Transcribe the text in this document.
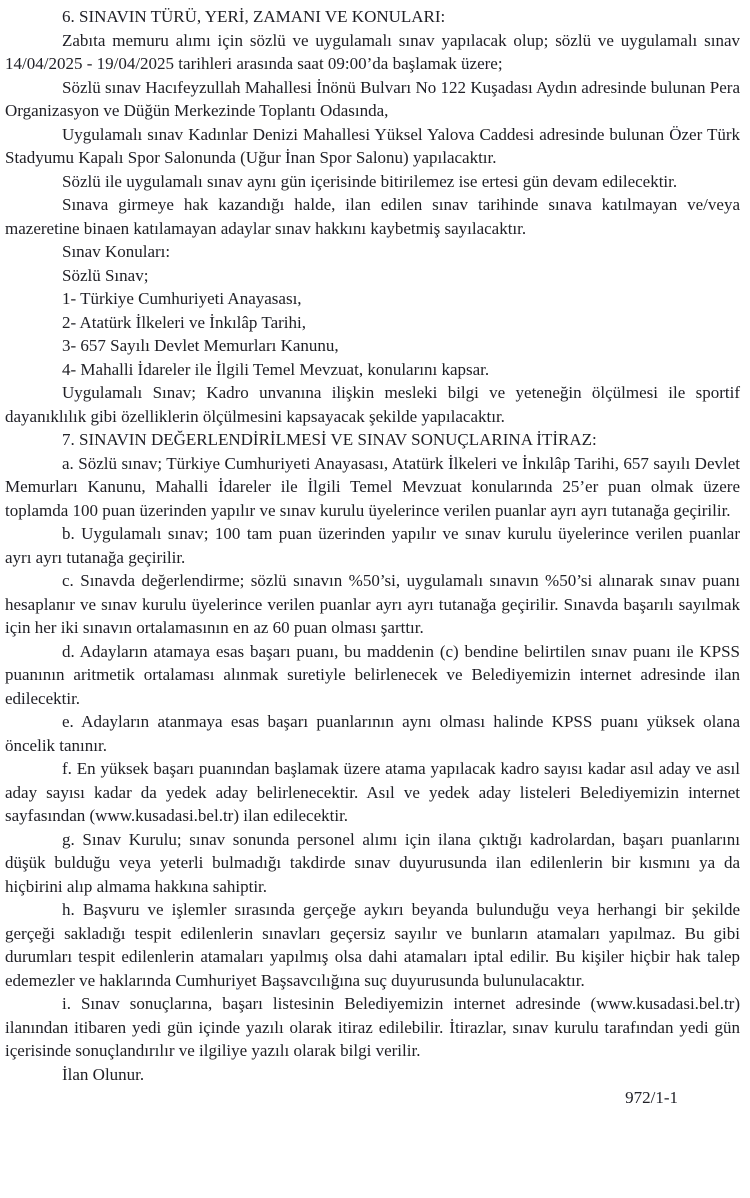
6. SINAVIN TÜRÜ, YERİ, ZAMANI VE KONULARI:

Zabıta memuru alımı için sözlü ve uygulamalı sınav yapılacak olup; sözlü ve uygulamalı sınav 14/04/2025 - 19/04/2025 tarihleri arasında saat 09:00’da başlamak üzere;

Sözlü sınav Hacıfeyzullah Mahallesi İnönü Bulvarı No 122 Kuşadası Aydın adresinde bulunan Pera Organizasyon ve Düğün Merkezinde Toplantı Odasında,

Uygulamalı sınav Kadınlar Denizi Mahallesi Yüksel Yalova Caddesi adresinde bulunan Özer Türk Stadyumu Kapalı Spor Salonunda (Uğur İnan Spor Salonu) yapılacaktır.

Sözlü ile uygulamalı sınav aynı gün içerisinde bitirilemez ise ertesi gün devam edilecektir.

Sınava girmeye hak kazandığı halde, ilan edilen sınav tarihinde sınava katılmayan ve/veya mazeretine binaen katılamayan adaylar sınav hakkını kaybetmiş sayılacaktır.

Sınav Konuları:

Sözlü Sınav;

1- Türkiye Cumhuriyeti Anayasası,

2- Atatürk İlkeleri ve İnkılâp Tarihi,

3- 657 Sayılı Devlet Memurları Kanunu,

4- Mahalli İdareler ile İlgili Temel Mevzuat, konularını kapsar.

Uygulamalı Sınav; Kadro unvanına ilişkin mesleki bilgi ve yeteneğin ölçülmesi ile sportif dayanıklılık gibi özelliklerin ölçülmesini kapsayacak şekilde yapılacaktır.

7. SINAVIN DEĞERLENDİRİLMESİ VE SINAV SONUÇLARINA İTİRAZ:

a. Sözlü sınav; Türkiye Cumhuriyeti Anayasası, Atatürk İlkeleri ve İnkılâp Tarihi, 657 sayılı Devlet Memurları Kanunu, Mahalli İdareler ile İlgili Temel Mevzuat konularında 25’er puan olmak üzere toplamda 100 puan üzerinden yapılır ve sınav kurulu üyelerince verilen puanlar ayrı ayrı tutanağa geçirilir.

b. Uygulamalı sınav; 100 tam puan üzerinden yapılır ve sınav kurulu üyelerince verilen puanlar ayrı ayrı tutanağa geçirilir.

c. Sınavda değerlendirme; sözlü sınavın %50’si, uygulamalı sınavın %50’si alınarak sınav puanı hesaplanır ve sınav kurulu üyelerince verilen puanlar ayrı ayrı tutanağa geçirilir. Sınavda başarılı sayılmak için her iki sınavın ortalamasının en az 60 puan olması şarttır.

d. Adayların atamaya esas başarı puanı, bu maddenin (c) bendine belirtilen sınav puanı ile KPSS puanının aritmetik ortalaması alınmak suretiyle belirlenecek ve Belediyemizin internet adresinde ilan edilecektir.

e. Adayların atanmaya esas başarı puanlarının aynı olması halinde KPSS puanı yüksek olana öncelik tanınır.

f. En yüksek başarı puanından başlamak üzere atama yapılacak kadro sayısı kadar asıl aday ve asıl aday sayısı kadar da yedek aday belirlenecektir. Asıl ve yedek aday listeleri Belediyemizin internet sayfasından (www.kusadasi.bel.tr) ilan edilecektir.

g. Sınav Kurulu; sınav sonunda personel alımı için ilana çıktığı kadrolardan, başarı puanlarını düşük bulduğu veya yeterli bulmadığı takdirde sınav duyurusunda ilan edilenlerin bir kısmını ya da hiçbirini alıp almama hakkına sahiptir.

h. Başvuru ve işlemler sırasında gerçeğe aykırı beyanda bulunduğu veya herhangi bir şekilde gerçeği sakladığı tespit edilenlerin sınavları geçersiz sayılır ve bunların atamaları yapılmaz. Bu gibi durumları tespit edilenlerin atamaları yapılmış olsa dahi atamaları iptal edilir. Bu kişiler hiçbir hak talep edemezler ve haklarında Cumhuriyet Başsavcılığına suç duyurusunda bulunulacaktır.

i. Sınav sonuçlarına, başarı listesinin Belediyemizin internet adresinde (www.kusadasi.bel.tr) ilanından itibaren yedi gün içinde yazılı olarak itiraz edilebilir. İtirazlar, sınav kurulu tarafından yedi gün içerisinde sonuçlandırılır ve ilgiliye yazılı olarak bilgi verilir.

İlan Olunur.

972/1-1
